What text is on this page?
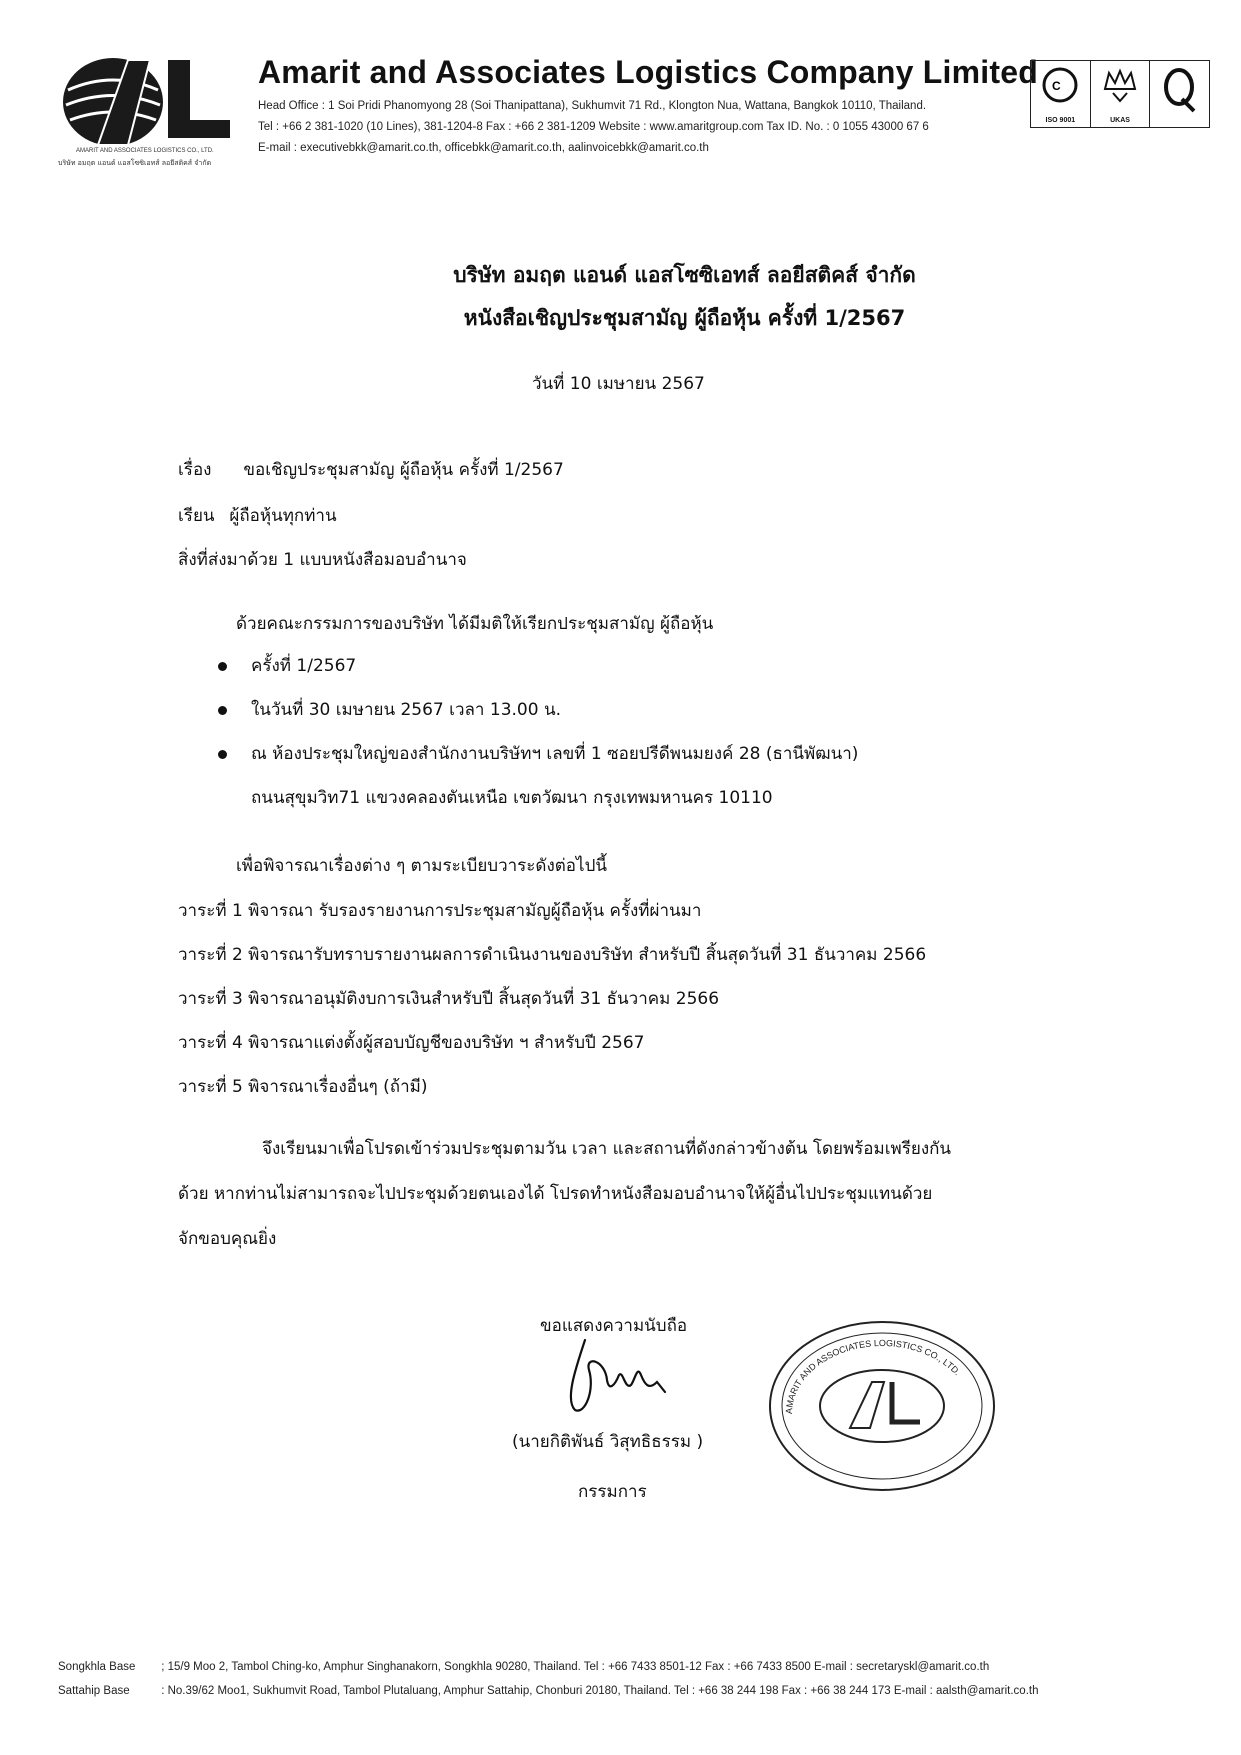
AMARIT AND ASSOCIATES LOGISTICS CO., LTD.
บริษัท อมฤต แอนด์ แอสโซซิเอทส์ ลอยีสติคส์ จำกัด
Amarit and Associates Logistics Company Limited
Head Office : 1 Soi Pridi Phanomyong 28 (Soi Thanipattana), Sukhumvit 71 Rd., Klongton Nua, Wattana, Bangkok 10110, Thailand.
Tel : +66 2 381-1020 (10 Lines), 381-1204-8 Fax : +66 2 381-1209 Website : www.amaritgroup.com Tax ID. No. : 0 1055 43000 67 6
E-mail : executivebkk@amarit.co.th, officebkk@amarit.co.th, aalinvoicebkk@amarit.co.th
C
ISO 9001	UKAS
บริษัท อมฤต แอนด์ แอสโซซิเอทส์ ลอยีสติคส์ จำกัด
หนังสือเชิญประชุมสามัญ ผู้ถือหุ้น ครั้งที่ 1/2567
วันที่ 10 เมษายน 2567
เรื่อง ขอเชิญประชุมสามัญ ผู้ถือหุ้น ครั้งที่ 1/2567
เรียน ผู้ถือหุ้นทุกท่าน
สิ่งที่ส่งมาด้วย 1 แบบหนังสือมอบอำนาจ
ด้วยคณะกรรมการของบริษัท ได้มีมติให้เรียกประชุมสามัญ ผู้ถือหุ้น
ครั้งที่ 1/2567
ในวันที่ 30 เมษายน 2567 เวลา 13.00 น.
ณ ห้องประชุมใหญ่ของสำนักงานบริษัทฯ เลขที่ 1 ซอยปรีดีพนมยงค์ 28 (ธานีพัฒนา)
ถนนสุขุมวิท71 แขวงคลองตันเหนือ เขตวัฒนา กรุงเทพมหานคร 10110
เพื่อพิจารณาเรื่องต่าง ๆ ตามระเบียบวาระดังต่อไปนี้
วาระที่ 1 พิจารณา รับรองรายงานการประชุมสามัญผู้ถือหุ้น ครั้งที่ผ่านมา
วาระที่ 2 พิจารณารับทราบรายงานผลการดำเนินงานของบริษัท สำหรับปี สิ้นสุดวันที่ 31 ธันวาคม 2566
วาระที่ 3 พิจารณาอนุมัติงบการเงินสำหรับปี สิ้นสุดวันที่ 31 ธันวาคม 2566
วาระที่ 4 พิจารณาแต่งตั้งผู้สอบบัญชีของบริษัท ฯ สำหรับปี 2567
วาระที่ 5 พิจารณาเรื่องอื่นๆ (ถ้ามี)
จึงเรียนมาเพื่อโปรดเข้าร่วมประชุมตามวัน เวลา และสถานที่ดังกล่าวข้างต้น โดยพร้อมเพรียงกัน
ด้วย หากท่านไม่สามารถจะไปประชุมด้วยตนเองได้ โปรดทำหนังสือมอบอำนาจให้ผู้อื่นไปประชุมแทนด้วย
จักขอบคุณยิ่ง
ขอแสดงความนับถือ
(นายกิติพันธ์ วิสุทธิธรรม )
กรรมการ
AMARIT AND ASSOCIATES LOGISTICS CO., LTD.
Songkhla Base ; 15/9 Moo 2, Tambol Ching-ko, Amphur Singhanakorn, Songkhla 90280, Thailand. Tel : +66 7433 8501-12 Fax : +66 7433 8500 E-mail : secretaryskl@amarit.co.th
Sattahip Base	: No.39/62 Moo1, Sukhumvit Road, Tambol Plutaluang, Amphur Sattahip, Chonburi 20180, Thailand. Tel : +66 38 244 198 Fax : +66 38 244 173 E-mail : aalsth@amarit.co.th
